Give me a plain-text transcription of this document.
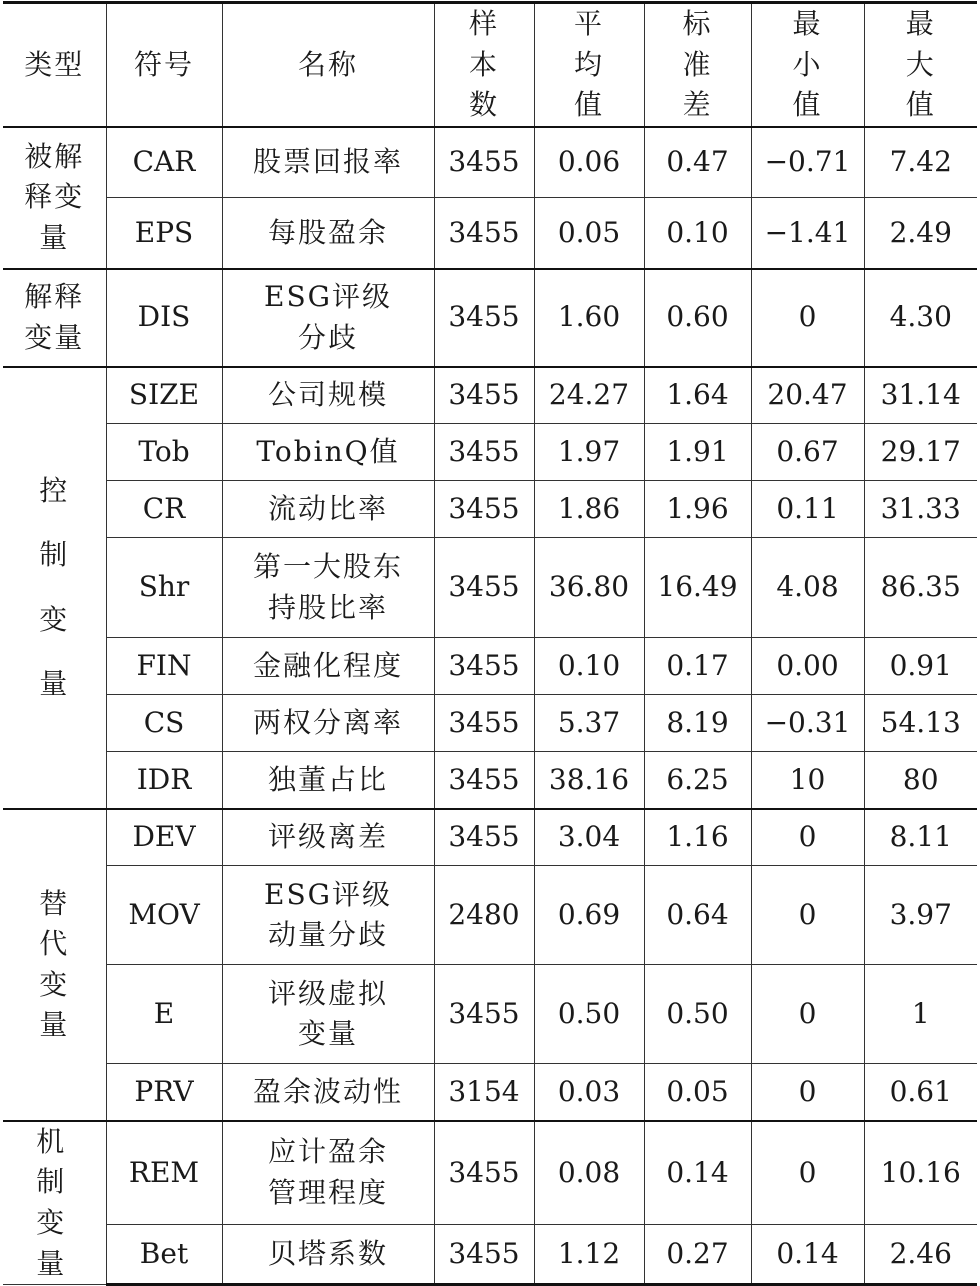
类型	符号	名称	样本数	平均值	标准差	最小值	最大值

被解释变量	CAR	股票回报率	3455	0.06	0.47	−0.71	7.42
	EPS	每股盈余	3455	0.05	0.10	−1.41	2.49

解释变量	DIS	ESG评级分歧	3455	1.60	0.60	0	4.30

控制变量	SIZE	公司规模	3455	24.27	1.64	20.47	31.14
	Tob	TobinQ值	3455	1.97	1.91	0.67	29.17
	CR	流动比率	3455	1.86	1.96	0.11	31.33
	Shr	第一大股东持股比率	3455	36.80	16.49	4.08	86.35
	FIN	金融化程度	3455	0.10	0.17	0.00	0.91
	CS	两权分离率	3455	5.37	8.19	−0.31	54.13
	IDR	独董占比	3455	38.16	6.25	10	80

替代变量	DEV	评级离差	3455	3.04	1.16	0	8.11
	MOV	ESG评级动量分歧	2480	0.69	0.64	0	3.97
	E	评级虚拟变量	3455	0.50	0.50	0	1
	PRV	盈余波动性	3154	0.03	0.05	0	0.61

机制变量	REM	应计盈余管理程度	3455	0.08	0.14	0	10.16
	Bet	贝塔系数	3455	1.12	0.27	0.14	2.46
